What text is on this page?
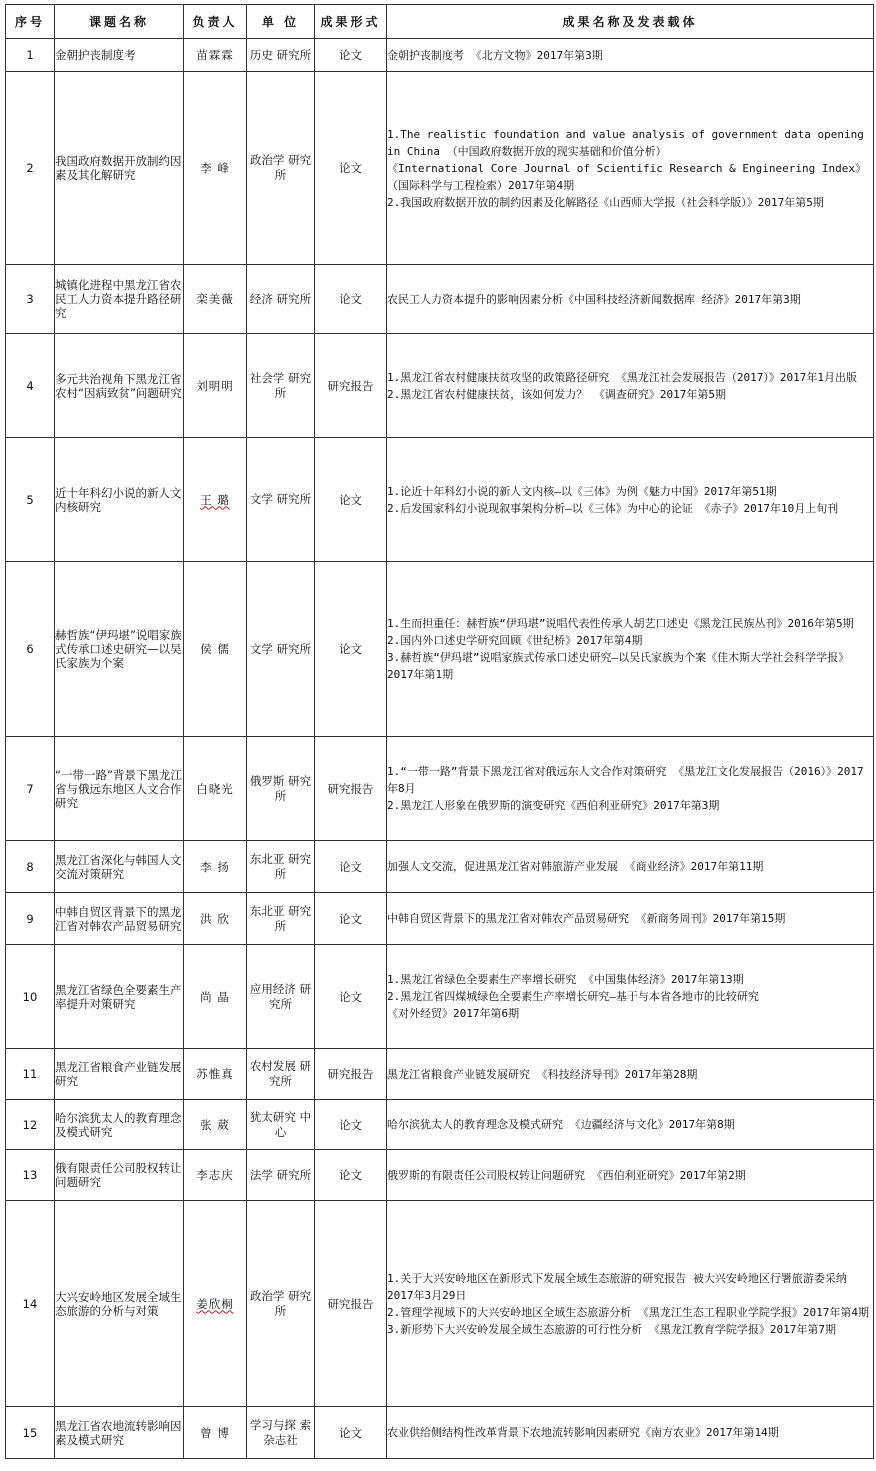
序号	课题名称	负责人	单 位	成果形式	成果名称及发表载体
1	金朝护丧制度考	苗霖霖	历史 研究所	论文	金朝护丧制度考 《北方文物》2017年第3期

2	我国政府数据开放制约因素及其化解研究	李 峰	政治学 研究所	论文	1.The realistic foundation and value analysis of government data opening in China （中国政府数据开放的现实基础和价值分析）

《International Core Journal of Scientific Research & Engineering Index》（国际科学与工程检索）2017年第4期

2.我国政府数据开放的制约因素及化解路径《山西师大学报（社会科学版）》2017年第5期

3	城镇化进程中黑龙江省农民工人力资本提升路径研究	栾美薇	经济 研究所	论文	农民工人力资本提升的影响因素分析《中国科技经济新闻数据库 经济》2017年第3期

4	多元共治视角下黑龙江省农村“因病致贫”问题研究	刘明明	社会学 研究所	研究报告	1.黑龙江省农村健康扶贫攻坚的政策路径研究 《黑龙江社会发展报告（2017）》2017年1月出版

2.黑龙江省农村健康扶贫，该如何发力？ 《调查研究》2017年第5期

5	近十年科幻小说的新人文内核研究	王 璐	文学 研究所	论文	1.论近十年科幻小说的新人文内核—以《三体》为例《魅力中国》2017年第51期

2.后发国家科幻小说现叙事架构分析—以《三体》为中心的论证 《赤子》2017年10月上旬刊

6	赫哲族“伊玛堪”说唱家族式传承口述史研究—以吴氏家族为个案	侯 儒	文学 研究所	论文	1.生而担重任：赫哲族“伊玛堪”说唱代表性传承人胡艺口述史《黑龙江民族丛刊》2016年第5期

2.国内外口述史学研究回顾《世纪桥》2017年第4期

3.赫哲族“伊玛堪”说唱家族式传承口述史研究—以吴氏家族为个案《佳木斯大学社会科学学报》2017年第1期

7	“一带一路”背景下黑龙江省与俄远东地区人文合作研究	白晓光	俄罗斯 研究所	研究报告	1.“一带一路”背景下黑龙江省对俄远东人文合作对策研究 《黑龙江文化发展报告（2016）》2017年8月

2.黑龙江人形象在俄罗斯的演变研究《西伯利亚研究》2017年第3期

8	黑龙江省深化与韩国人文交流对策研究	李 扬	东北亚 研究所	论文	加强人文交流，促进黑龙江省对韩旅游产业发展 《商业经济》2017年第11期

9	中韩自贸区背景下的黑龙江省对韩农产品贸易研究	洪 欣	东北亚 研究所	论文	中韩自贸区背景下的黑龙江省对韩农产品贸易研究 《新商务周刊》2017年第15期

10	黑龙江省绿色全要素生产率提升对策研究	尚 晶	应用经济 研究所	论文	1.黑龙江省绿色全要素生产率增长研究 《中国集体经济》2017年第13期

2.黑龙江省四煤城绿色全要素生产率增长研究—基于与本省各地市的比较研究

《对外经贸》2017年第6期

11	黑龙江省粮食产业链发展研究	苏惟真	农村发展 研究所	研究报告	黑龙江省粮食产业链发展研究 《科技经济导刊》2017年第28期

12	哈尔滨犹太人的教育理念及模式研究	张 葳	犹太研究 中心	论文	哈尔滨犹太人的教育理念及模式研究 《边疆经济与文化》2017年第8期

13	俄有限责任公司股权转让问题研究	李志庆	法学 研究所	论文	俄罗斯的有限责任公司股权转让问题研究 《西伯利亚研究》2017年第2期

14	大兴安岭地区发展全域生态旅游的分析与对策	姜欣桐	政治学 研究所	研究报告	1.关于大兴安岭地区在新形式下发展全域生态旅游的研究报告 被大兴安岭地区行署旅游委采纳 2017年3月29日

2.管理学视域下的大兴安岭地区全域生态旅游分析 《黑龙江生态工程职业学院学报》2017年第4期

3.新形势下大兴安岭发展全域生态旅游的可行性分析 《黑龙江教育学院学报》2017年第7期

15	黑龙江省农地流转影响因素及模式研究	曾 博	学习与探 索杂志社	论文	农业供给侧结构性改革背景下农地流转影响因素研究《南方农业》2017年第14期
